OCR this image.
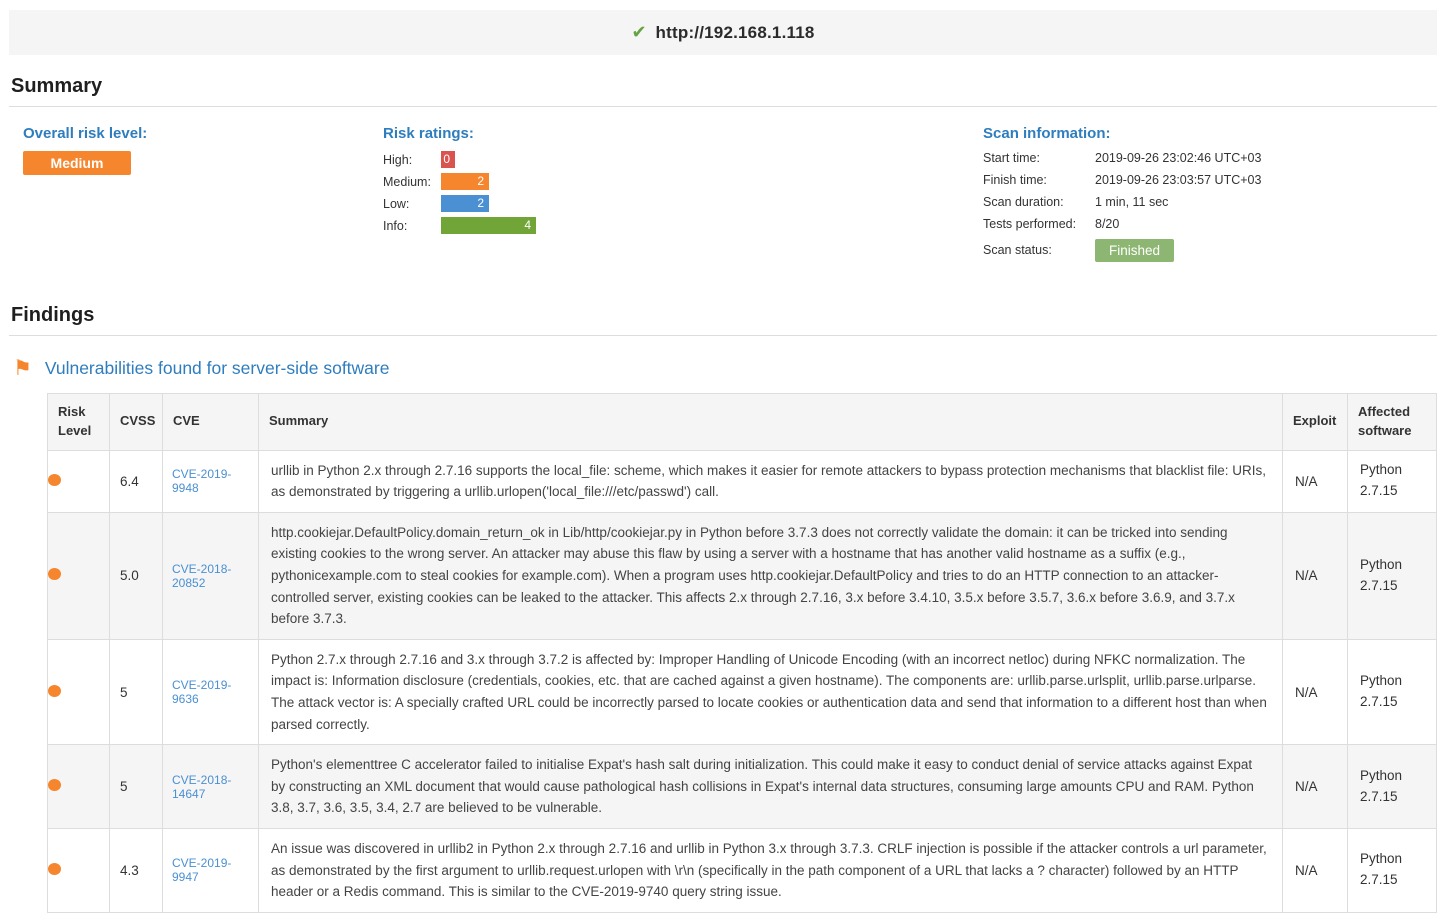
✔ http://192.168.1.118
Summary
Overall risk level:
Medium
Risk ratings:
High:	0
Medium:	2
Low:	2
Info:	4
Scan information:
Start time:	2019-09-26 23:02:46 UTC+03
Finish time:	2019-09-26 23:03:57 UTC+03
Scan duration:	1 min, 11 sec
Tests performed:	8/20
Scan status:	Finished
Findings
⚑ Vulnerabilities found for server-side software
Risk Level	CVSS	CVE	Summary	Exploit	Affected software
	6.4	CVE-2019-9948	urllib in Python 2.x through 2.7.16 supports the local_file: scheme, which makes it easier for remote attackers to bypass protection mechanisms that blacklist file: URIs, as demonstrated by triggering a urllib.urlopen('local_file:///etc/passwd') call.	N/A	Python 2.7.15
	5.0	CVE-2018-20852	http.cookiejar.DefaultPolicy.domain_return_ok in Lib/http/cookiejar.py in Python before 3.7.3 does not correctly validate the domain: it can be tricked into sending existing cookies to the wrong server. An attacker may abuse this flaw by using a server with a hostname that has another valid hostname as a suffix (e.g., pythonicexample.com to steal cookies for example.com). When a program uses http.cookiejar.DefaultPolicy and tries to do an HTTP connection to an attacker-controlled server, existing cookies can be leaked to the attacker. This affects 2.x through 2.7.16, 3.x before 3.4.10, 3.5.x before 3.5.7, 3.6.x before 3.6.9, and 3.7.x before 3.7.3.	N/A	Python 2.7.15
	5	CVE-2019-9636	Python 2.7.x through 2.7.16 and 3.x through 3.7.2 is affected by: Improper Handling of Unicode Encoding (with an incorrect netloc) during NFKC normalization. The impact is: Information disclosure (credentials, cookies, etc. that are cached against a given hostname). The components are: urllib.parse.urlsplit, urllib.parse.urlparse. The attack vector is: A specially crafted URL could be incorrectly parsed to locate cookies or authentication data and send that information to a different host than when parsed correctly.	N/A	Python 2.7.15
	5	CVE-2018-14647	Python's elementtree C accelerator failed to initialise Expat's hash salt during initialization. This could make it easy to conduct denial of service attacks against Expat by constructing an XML document that would cause pathological hash collisions in Expat's internal data structures, consuming large amounts CPU and RAM. Python 3.8, 3.7, 3.6, 3.5, 3.4, 2.7 are believed to be vulnerable.	N/A	Python 2.7.15
	4.3	CVE-2019-9947	An issue was discovered in urllib2 in Python 2.x through 2.7.16 and urllib in Python 3.x through 3.7.3. CRLF injection is possible if the attacker controls a url parameter, as demonstrated by the first argument to urllib.request.urlopen with \r\n (specifically in the path component of a URL that lacks a ? character) followed by an HTTP header or a Redis command. This is similar to the CVE-2019-9740 query string issue.	N/A	Python 2.7.15
